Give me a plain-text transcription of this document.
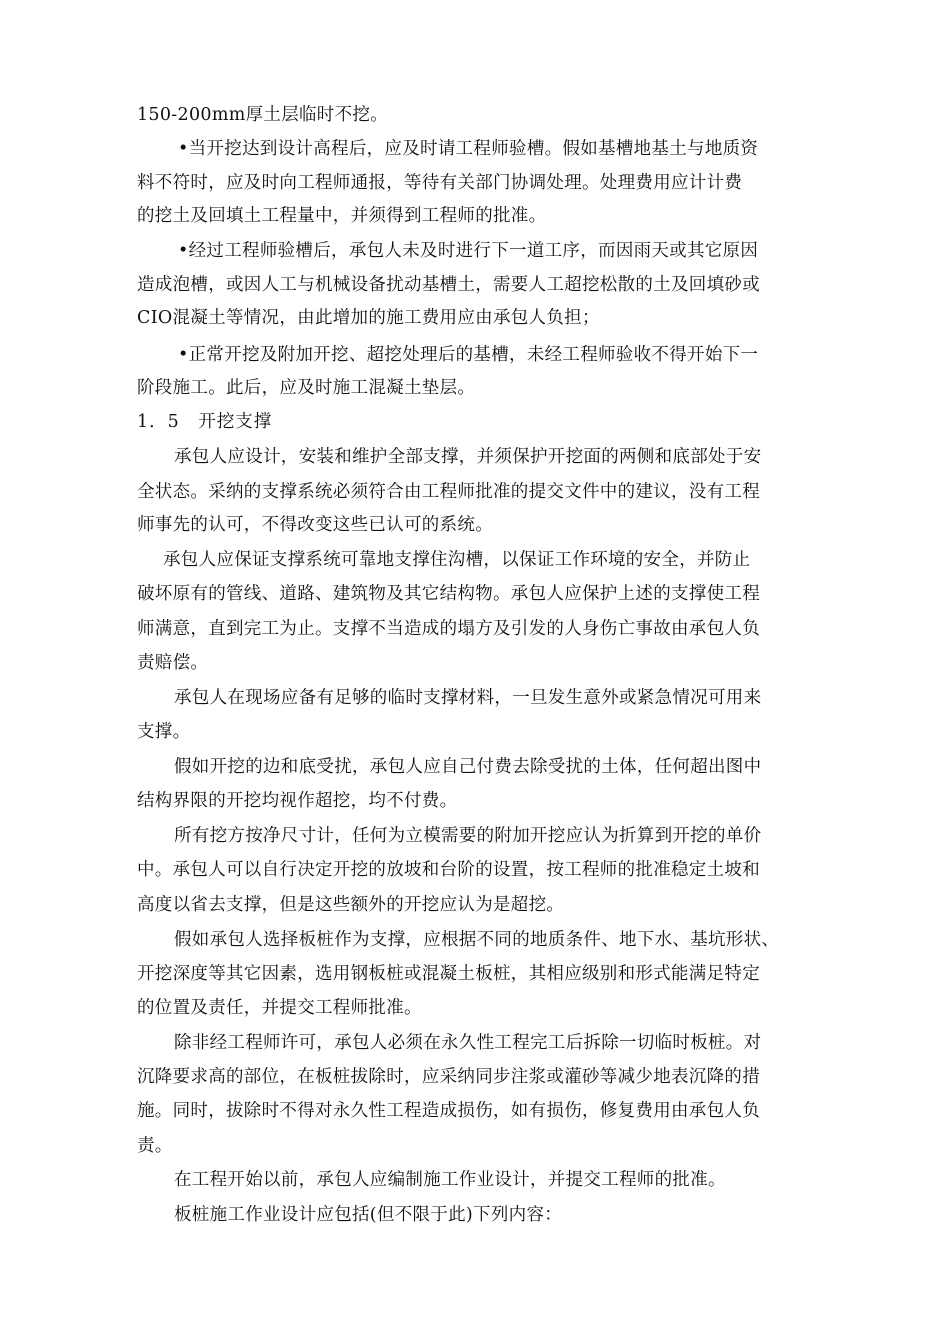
150-200mm厚土层临时不挖。
•当开挖达到设计高程后，应及时请工程师验槽。假如基槽地基土与地质资
料不符时，应及时向工程师通报，等待有关部门协调处理。处理费用应计计费
的挖土及回填土工程量中，并须得到工程师的批准。
•经过工程师验槽后，承包人未及时进行下一道工序，而因雨天或其它原因
造成泡槽，或因人工与机械设备扰动基槽土，需要人工超挖松散的土及回填砂或
CIO混凝土等情况，由此增加的施工费用应由承包人负担；
•正常开挖及附加开挖、超挖处理后的基槽，未经工程师验收不得开始下一
阶段施工。此后，应及时施工混凝土垫层。
1．5　开挖支撑
承包人应设计，安装和维护全部支撑，并须保护开挖面的两侧和底部处于安
全状态。采纳的支撑系统必须符合由工程师批准的提交文件中的建议，没有工程
师事先的认可，不得改变这些已认可的系统。
承包人应保证支撑系统可靠地支撑住沟槽，以保证工作环境的安全，并防止
破坏原有的管线、道路、建筑物及其它结构物。承包人应保护上述的支撑使工程
师满意，直到完工为止。支撑不当造成的塌方及引发的人身伤亡事故由承包人负
责赔偿。
承包人在现场应备有足够的临时支撑材料，一旦发生意外或紧急情况可用来
支撑。
假如开挖的边和底受扰，承包人应自己付费去除受扰的土体，任何超出图中
结构界限的开挖均视作超挖，均不付费。
所有挖方按净尺寸计，任何为立模需要的附加开挖应认为折算到开挖的单价
中。承包人可以自行决定开挖的放坡和台阶的设置，按工程师的批准稳定土坡和
高度以省去支撑，但是这些额外的开挖应认为是超挖。
假如承包人选择板桩作为支撑，应根据不同的地质条件、地下水、基坑形状、
开挖深度等其它因素，选用钢板桩或混凝土板桩，其相应级别和形式能满足特定
的位置及责任，并提交工程师批准。
除非经工程师许可，承包人必须在永久性工程完工后拆除一切临时板桩。对
沉降要求高的部位，在板桩拔除时，应采纳同步注浆或灌砂等减少地表沉降的措
施。同时，拔除时不得对永久性工程造成损伤，如有损伤，修复费用由承包人负
责。
在工程开始以前，承包人应编制施工作业设计，并提交工程师的批准。
板桩施工作业设计应包括(但不限于此)下列内容：
